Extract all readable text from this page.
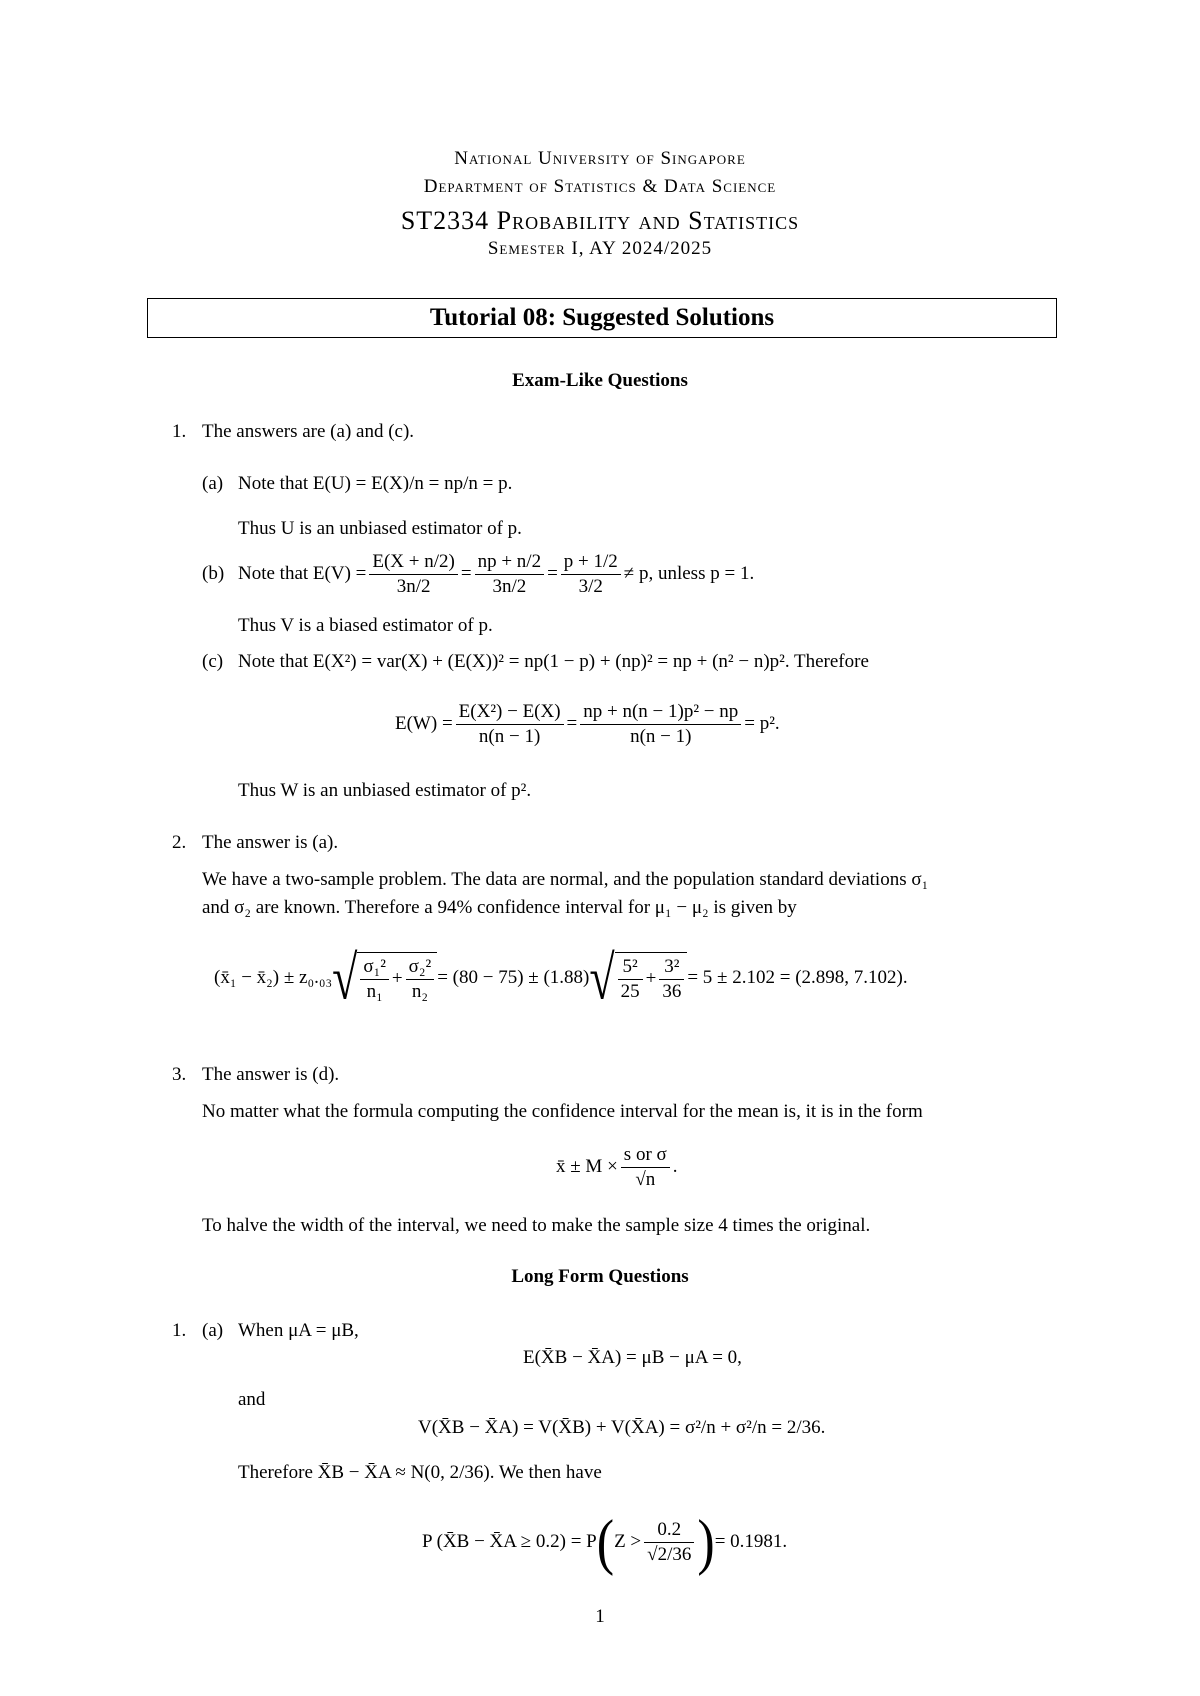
National University of Singapore
Department of Statistics & Data Science
ST2334 Probability and Statistics
Semester I, AY 2024/2025
Tutorial 08: Suggested Solutions
Exam-Like Questions
1. The answers are (a) and (c).
(a) Note that E(U) = E(X)/n = np/n = p.
Thus U is an unbiased estimator of p.
(b) Note that $E(V) = \frac{E(X + n/2)}{3n/2} = \frac{np + n/2}{3n/2} = \frac{p + 1/2}{3/2} \ne p$, unless p = 1.
Thus V is a biased estimator of p.
(c) Note that E(X²) = var(X) + (E(X))² = np(1 − p) + (np)² = np + (n² − n)p². Therefore
$E(W) = \frac{\text{E(X²) − E(X)}}{n(n - 1)} = \frac{\text{np + n(n − 1)p² − np}}{n(n - 1)} = p^2$.
Thus W is an unbiased estimator of p².
2. The answer is (a).
We have a two-sample problem. The data are normal, and the population standard deviations σ₁
and σ₂ are known. Therefore a 94% confidence interval for μ₁ − μ₂ is given by
(x̄₁ − x̄₂) ± z₀.₀₃ √ $\frac{\text{σ₁²}}{\text{n₁}} + \frac{\text{σ₂²}}{\text{n₂}} = (80 - 75) \pm (1.88)$ √ $\frac{\text{5²}}{25} + \frac{\text{3²}}{36} = 5 \pm 2.102 = (2.898$, 7.102).
3. The answer is (d).
No matter what the formula computing the confidence interval for the mean is, it is in the form
x̄ ± $M \times \frac{\text{s or σ}}{√n}$ .
To halve the width of the interval, we need to make the sample size 4 times the original.
Long Form Questions
1. (a) When μA = μB,
E(X̄B − X̄A) = μB − μA = 0,
and
V(X̄B − X̄A) = V(X̄B) + V(X̄A) = σ²/n + σ²/n = 2/36.
Therefore X̄B − X̄A ≈ N(0, 2/36). We then have
P (X̄B − X̄A ≥ 0.2) = P ( $Z > \frac{0.2}{√2/36}$ ) = 0.1981.
1
